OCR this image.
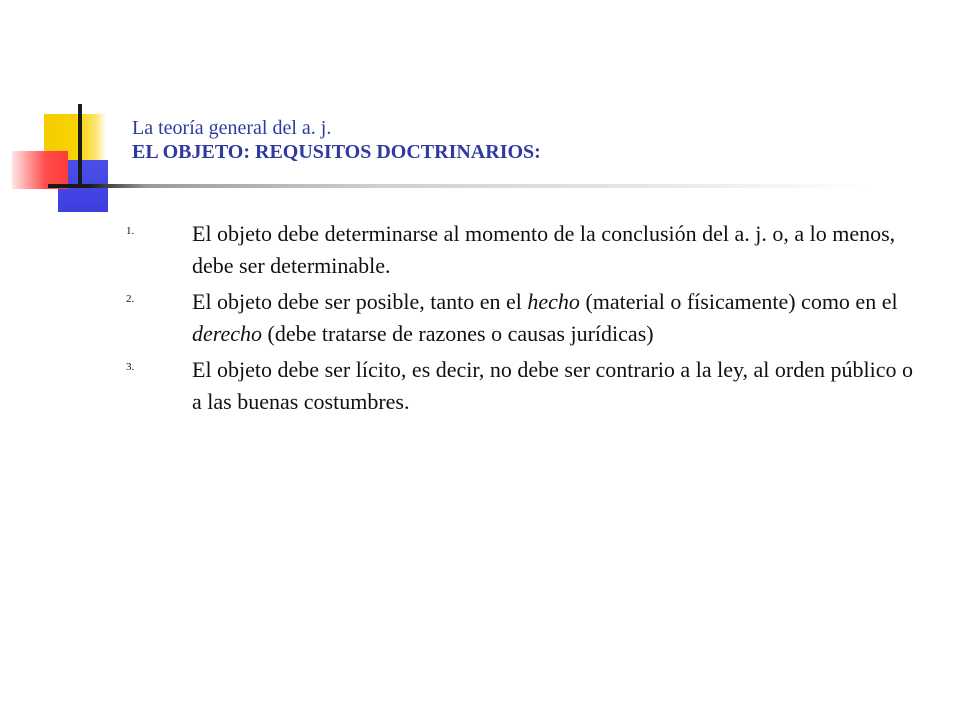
La teoría general del a. j.
EL OBJETO: REQUSITOS DOCTRINARIOS:
1.	El objeto debe determinarse al momento de la conclusión del a. j. o, a lo menos, debe ser determinable.
2.	El objeto debe ser posible, tanto en el hecho (material o físicamente) como en el derecho (debe tratarse de razones o causas jurídicas)
3.	El objeto debe ser lícito, es decir, no debe ser contrario a la ley, al orden público o a las buenas costumbres.
